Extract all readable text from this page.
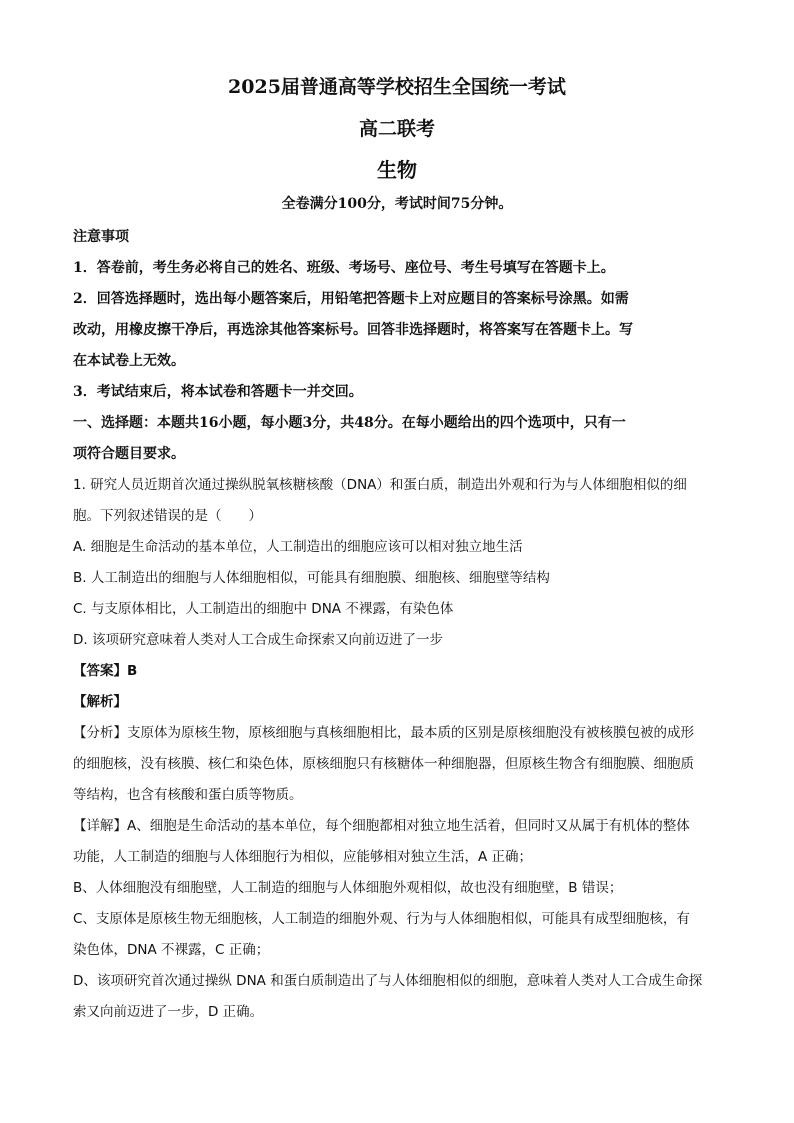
2025届普通高等学校招生全国统一考试
高二联考
生物
全卷满分100分，考试时间75分钟。
注意事项
1．答卷前，考生务必将自己的姓名、班级、考场号、座位号、考生号填写在答题卡上。
2．回答选择题时，选出每小题答案后，用铅笔把答题卡上对应题目的答案标号涂黑。如需
改动，用橡皮擦干净后，再选涂其他答案标号。回答非选择题时，将答案写在答题卡上。写
在本试卷上无效。
3．考试结束后，将本试卷和答题卡一并交回。
一、选择题：本题共16小题，每小题3分，共48分。在每小题给出的四个选项中，只有一
项符合题目要求。
1. 研究人员近期首次通过操纵脱氧核糖核酸（DNA）和蛋白质，制造出外观和行为与人体细胞相似的细
胞。下列叙述错误的是（　　）
A. 细胞是生命活动的基本单位，人工制造出的细胞应该可以相对独立地生活
B. 人工制造出的细胞与人体细胞相似，可能具有细胞膜、细胞核、细胞壁等结构
C. 与支原体相比，人工制造出的细胞中 DNA 不裸露，有染色体
D. 该项研究意味着人类对人工合成生命探索又向前迈进了一步
【答案】B
【解析】
【分析】支原体为原核生物，原核细胞与真核细胞相比，最本质的区别是原核细胞没有被核膜包被的成形
的细胞核，没有核膜、核仁和染色体，原核细胞只有核糖体一种细胞器，但原核生物含有细胞膜、细胞质
等结构，也含有核酸和蛋白质等物质。
【详解】A、细胞是生命活动的基本单位，每个细胞都相对独立地生活着，但同时又从属于有机体的整体
功能，人工制造的细胞与人体细胞行为相似，应能够相对独立生活，A 正确；
B、人体细胞没有细胞壁，人工制造的细胞与人体细胞外观相似，故也没有细胞壁，B 错误；
C、支原体是原核生物无细胞核，人工制造的细胞外观、行为与人体细胞相似，可能具有成型细胞核，有
染色体，DNA 不裸露，C 正确；
D、该项研究首次通过操纵 DNA 和蛋白质制造出了与人体细胞相似的细胞，意味着人类对人工合成生命探
索又向前迈进了一步，D 正确。
